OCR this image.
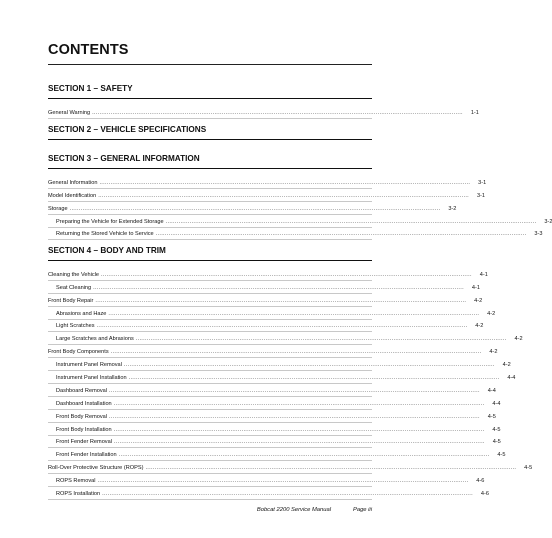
CONTENTS
SECTION 1 – SAFETY
General Warning ........................................................................................................................................................................................................	1-1
SECTION 2 – VEHICLE SPECIFICATIONS
SECTION 3 – GENERAL INFORMATION
General Information ........................................................................................................................................................................................................	3-1
Model Identification ........................................................................................................................................................................................................	3-1
Storage ........................................................................................................................................................................................................	3-2
Preparing the Vehicle for Extended Storage ........................................................................................................................................................................................................	3-2
Returning the Stored Vehicle to Service ........................................................................................................................................................................................................	3-3
SECTION 4 – BODY AND TRIM
Cleaning the Vehicle ........................................................................................................................................................................................................	4-1
Seat Cleaning ........................................................................................................................................................................................................	4-1
Front Body Repair ........................................................................................................................................................................................................	4-2
Abrasions and Haze ........................................................................................................................................................................................................	4-2
Light Scratches ........................................................................................................................................................................................................	4-2
Large Scratches and Abrasions ........................................................................................................................................................................................................	4-2
Front Body Components ........................................................................................................................................................................................................	4-2
Instrument Panel Removal ........................................................................................................................................................................................................	4-2
Instrument Panel Installation ........................................................................................................................................................................................................	4-4
Dashboard Removal ........................................................................................................................................................................................................	4-4
Dashboard Installation ........................................................................................................................................................................................................	4-4
Front Body Removal ........................................................................................................................................................................................................	4-5
Front Body Installation ........................................................................................................................................................................................................	4-5
Front Fender Removal ........................................................................................................................................................................................................	4-5
Front Fender Installation ........................................................................................................................................................................................................	4-5
Roll-Over Protective Structure (ROPS) ........................................................................................................................................................................................................	4-5
ROPS Removal ........................................................................................................................................................................................................	4-6
ROPS Installation ........................................................................................................................................................................................................	4-6
Bobcat 2200 Service Manual	Page iii
